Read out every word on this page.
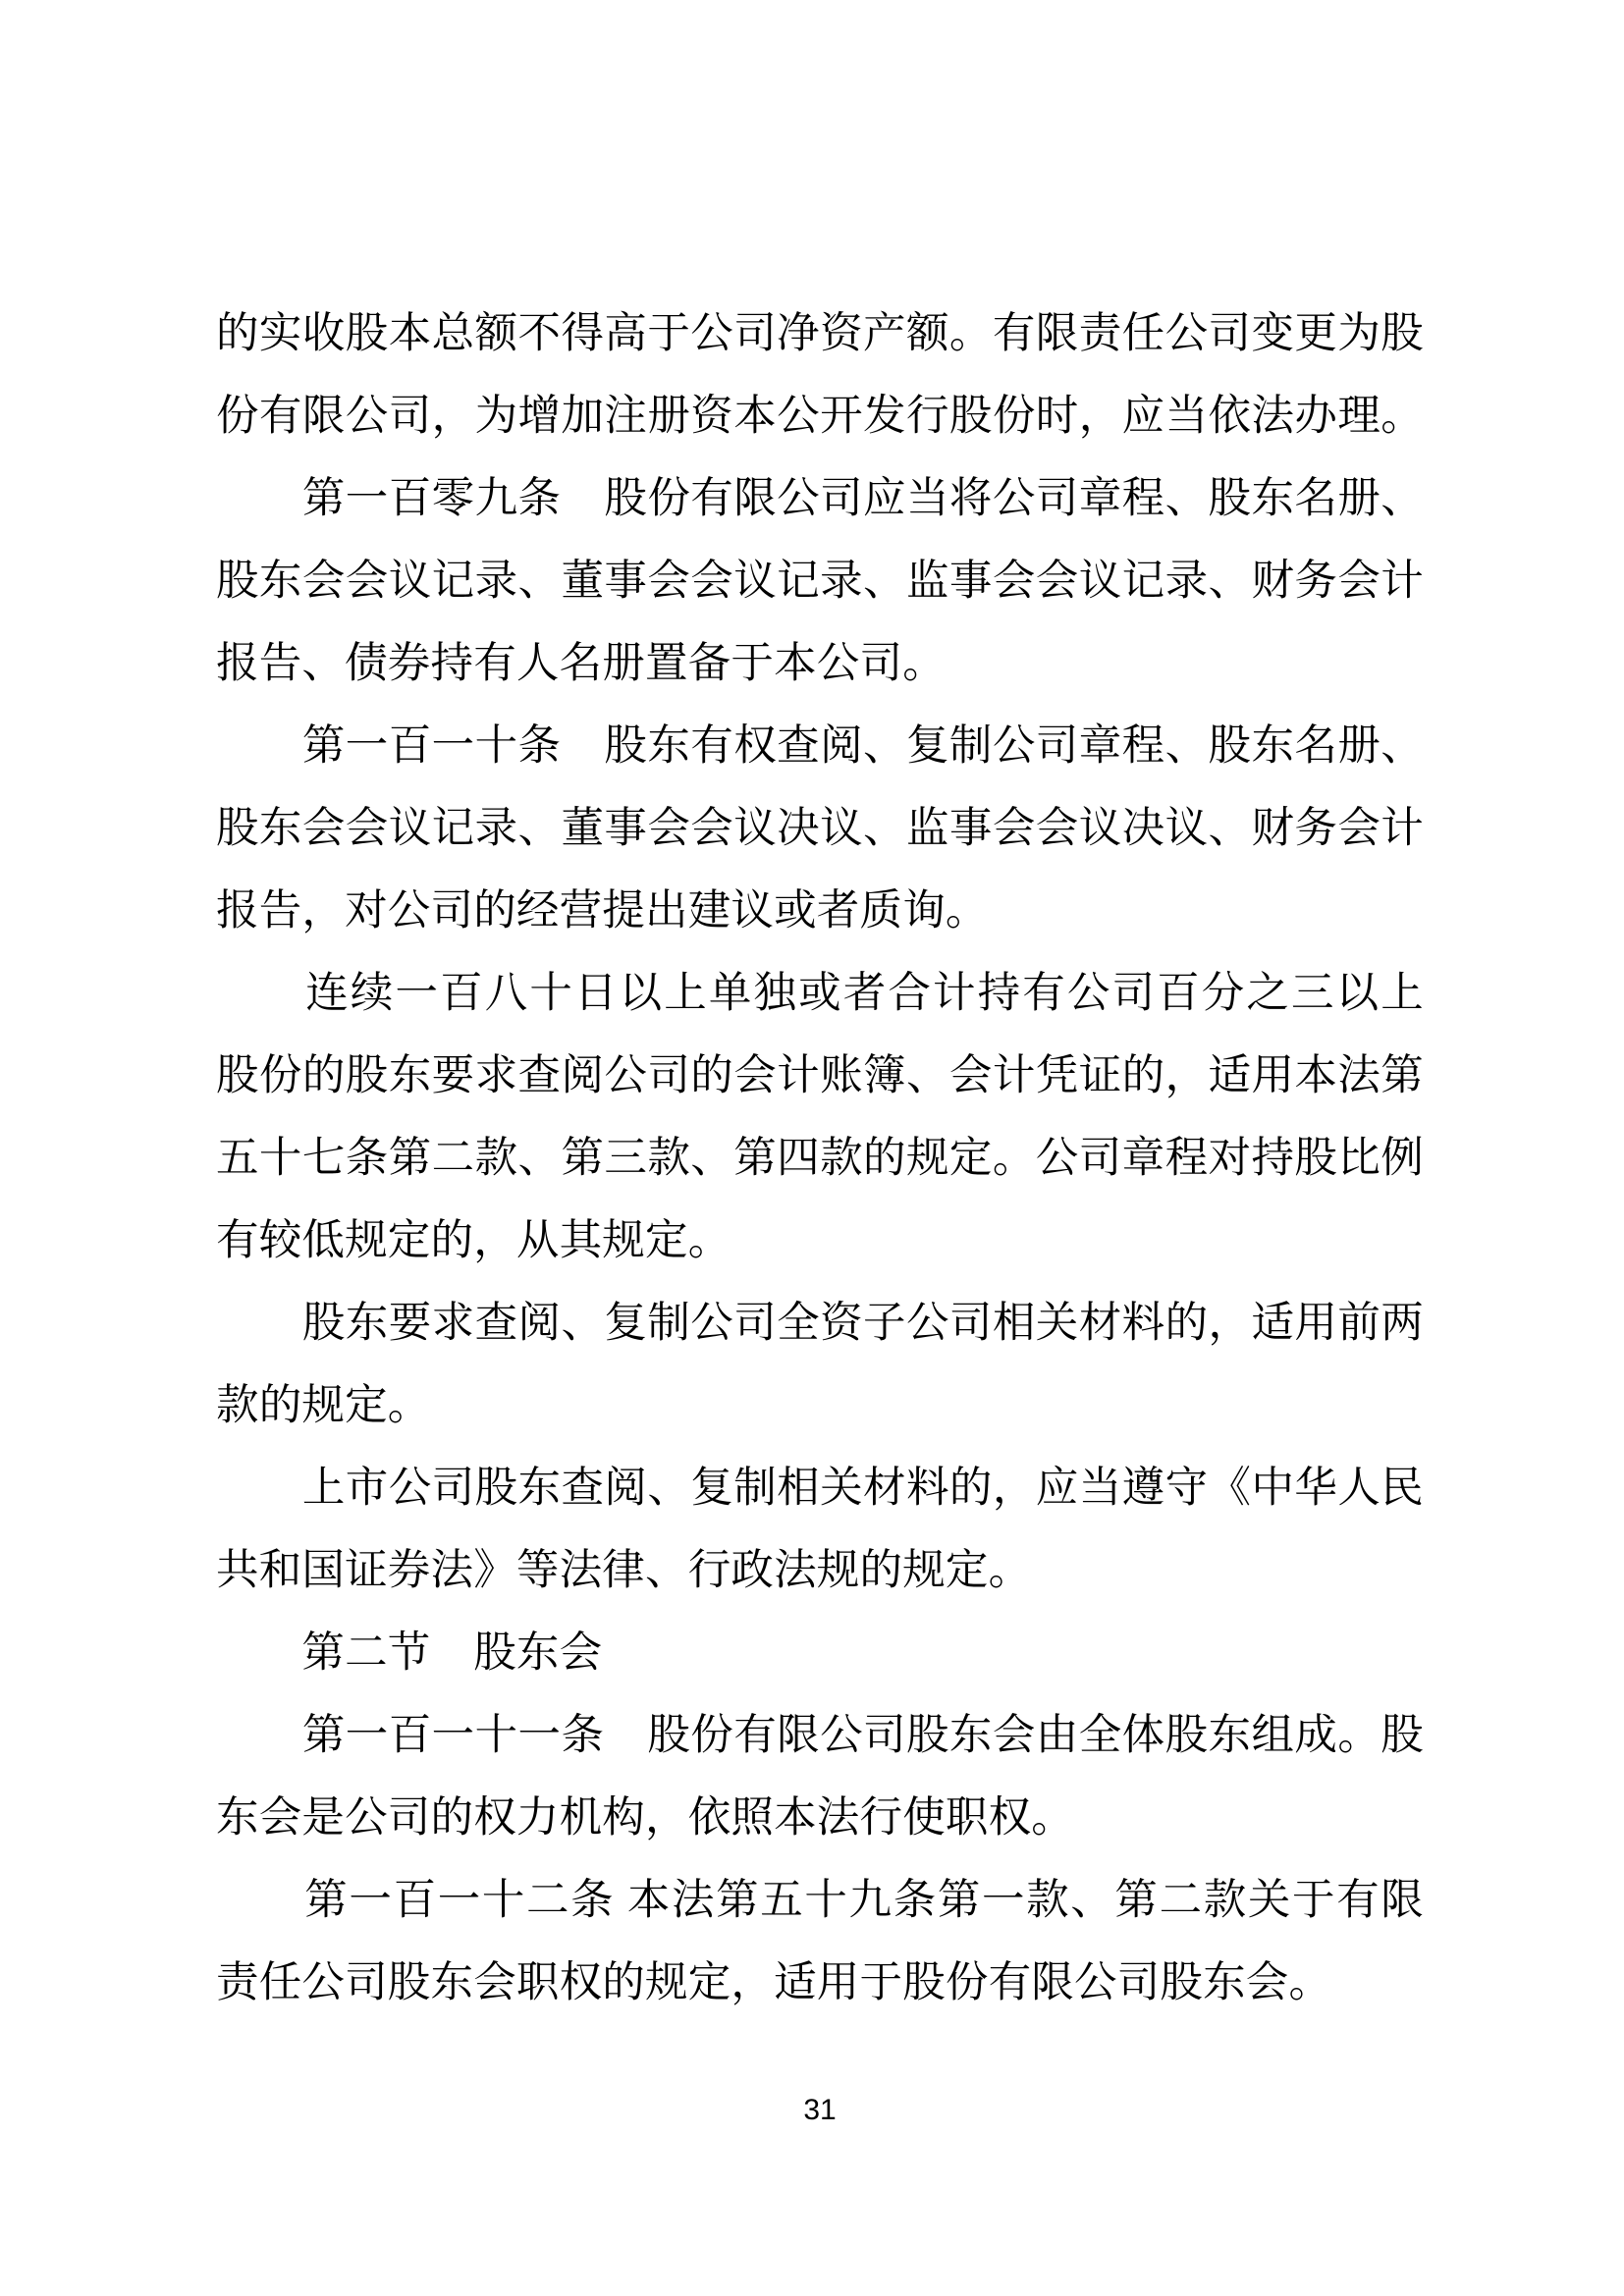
的实收股本总额不得高于公司净资产额。有限责任公司变更为股
份有限公司，为增加注册资本公开发行股份时，应当依法办理。
　　第一百零九条　股份有限公司应当将公司章程、股东名册、
股东会会议记录、董事会会议记录、监事会会议记录、财务会计
报告、债券持有人名册置备于本公司。
　　第一百一十条　股东有权查阅、复制公司章程、股东名册、
股东会会议记录、董事会会议决议、监事会会议决议、财务会计
报告，对公司的经营提出建议或者质询。
　　连续一百八十日以上单独或者合计持有公司百分之三以上
股份的股东要求查阅公司的会计账簿、会计凭证的，适用本法第
五十七条第二款、第三款、第四款的规定。公司章程对持股比例
有较低规定的，从其规定。
　　股东要求查阅、复制公司全资子公司相关材料的，适用前两
款的规定。
　　上市公司股东查阅、复制相关材料的，应当遵守《中华人民
共和国证券法》等法律、行政法规的规定。
　　第二节　股东会
　　第一百一十一条　股份有限公司股东会由全体股东组成。股
东会是公司的权力机构，依照本法行使职权。
　　第一百一十二条 本法第五十九条第一款、第二款关于有限
责任公司股东会职权的规定，适用于股份有限公司股东会。
31
